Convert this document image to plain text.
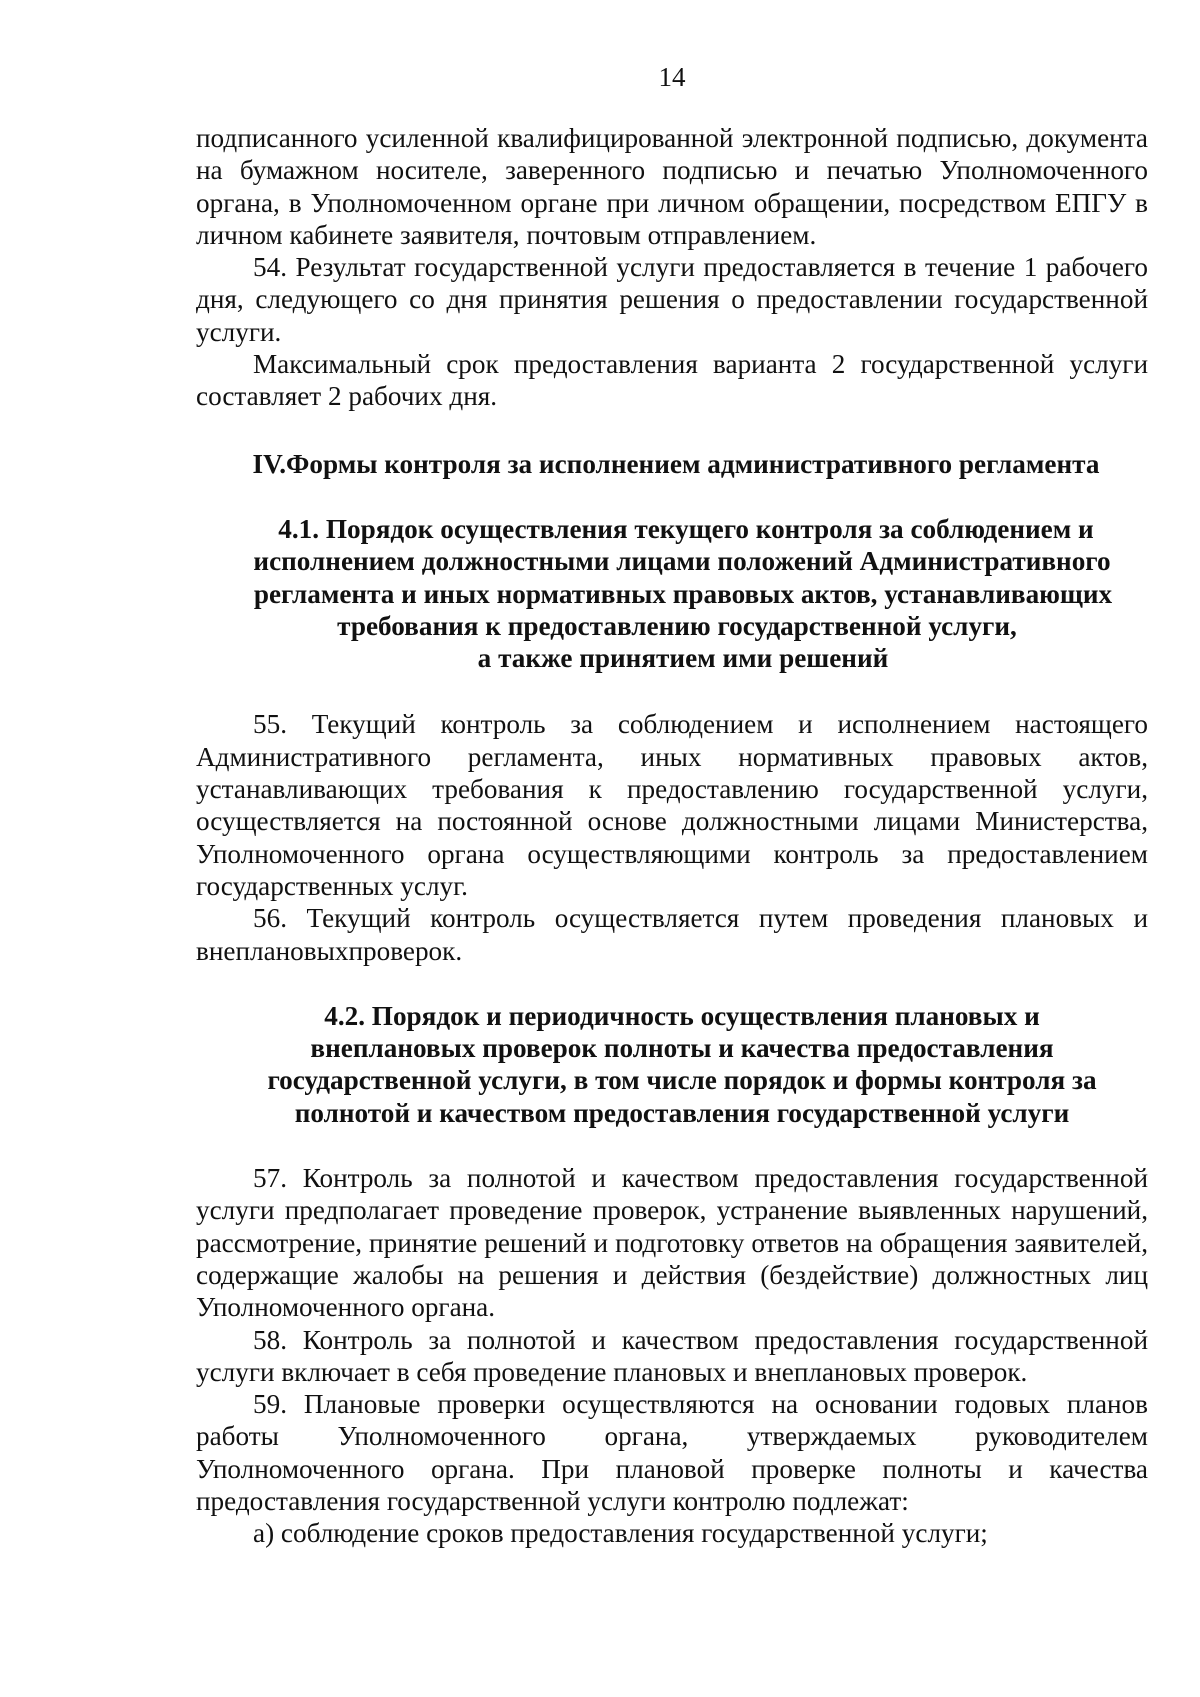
14

подписанного усиленной квалифицированной электронной подписью, документа на бумажном носителе, заверенного подписью и печатью Уполномоченного органа, в Уполномоченном органе при личном обращении, посредством ЕПГУ в личном кабинете заявителя, почтовым отправлением.

54. Результат государственной услуги предоставляется в течение 1 рабочего дня, следующего со дня принятия решения о предоставлении государственной услуги.

Максимальный срок предоставления варианта 2 государственной услуги составляет 2 рабочих дня.

IV.Формы контроля за исполнением административного регламента

4.1. Порядок осуществления текущего контроля за соблюдением и

исполнением должностными лицами положений Административного

регламента и иных нормативных правовых актов, устанавливающих

требования к предоставлению государственной услуги,

а также принятием ими решений

55. Текущий контроль за соблюдением и исполнением настоящего Административного регламента, иных нормативных правовых актов, устанавливающих требования к предоставлению государственной услуги, осуществляется на постоянной основе должностными лицами Министерства, Уполномоченного органа осуществляющими контроль за предоставлением государственных услуг.

56. Текущий контроль осуществляется путем проведения плановых и внеплановыхпроверок.

4.2. Порядок и периодичность осуществления плановых и

внеплановых проверок полноты и качества предоставления

государственной услуги, в том числе порядок и формы контроля за

полнотой и качеством предоставления государственной услуги

57. Контроль за полнотой и качеством предоставления государственной услуги предполагает проведение проверок, устранение выявленных нарушений, рассмотрение, принятие решений и подготовку ответов на обращения заявителей, содержащие жалобы на решения и действия (бездействие) должностных лиц Уполномоченного органа.

58. Контроль за полнотой и качеством предоставления государственной услуги включает в себя проведение плановых и внеплановых проверок.

59. Плановые проверки осуществляются на основании годовых планов работы Уполномоченного органа, утверждаемых руководителем Уполномоченного органа. При плановой проверке полноты и качества предоставления государственной услуги контролю подлежат:

а) соблюдение сроков предоставления государственной услуги;
